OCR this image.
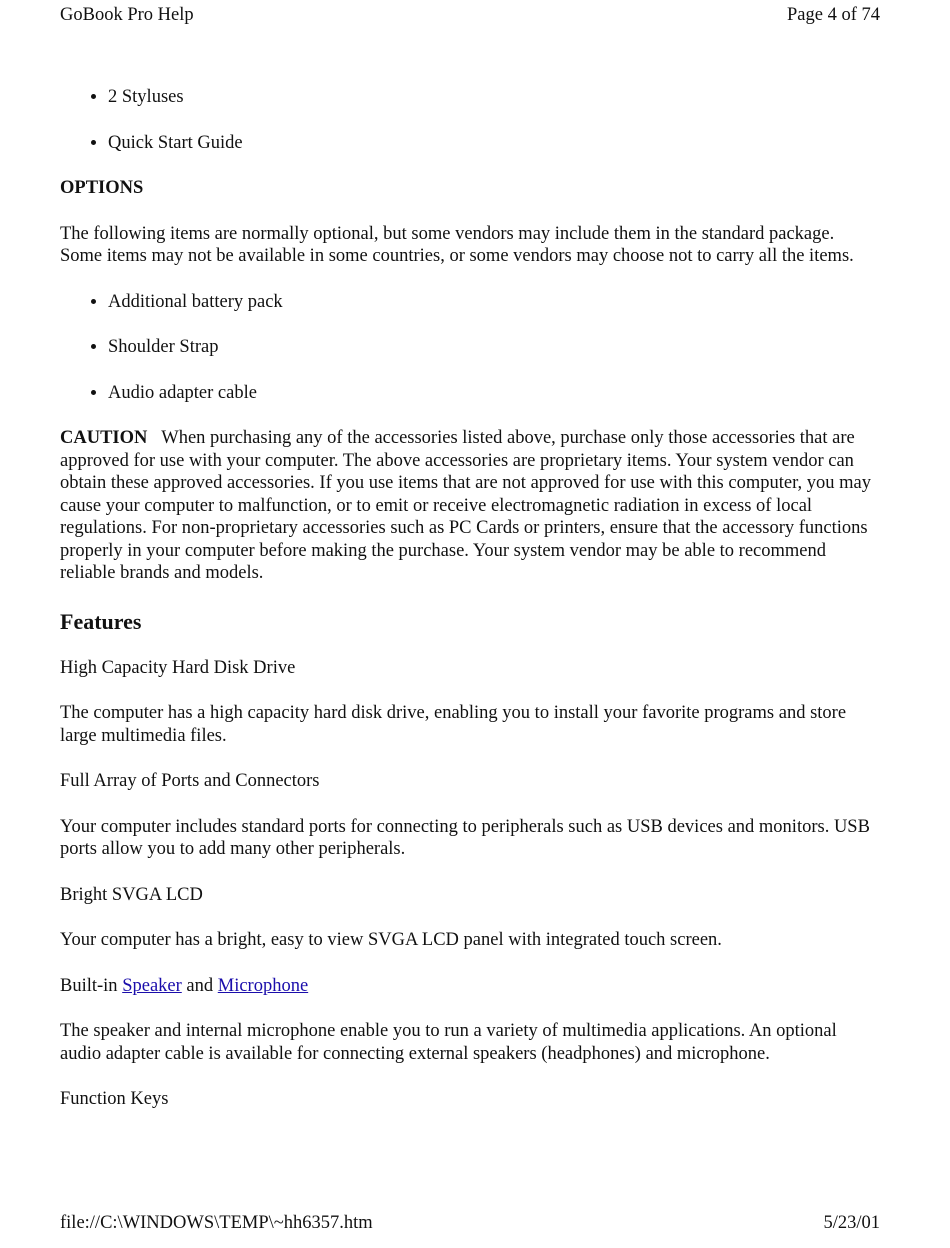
GoBook Pro Help	Page 4 of 74
• 2 Styluses
• Quick Start Guide

OPTIONS

The following items are normally optional, but some vendors may include them in the standard package. Some items may not be available in some countries, or some vendors may choose not to carry all the items.

• Additional battery pack
• Shoulder Strap
• Audio adapter cable

CAUTION When purchasing any of the accessories listed above, purchase only those accessories that are approved for use with your computer. The above accessories are proprietary items. Your system vendor can obtain these approved accessories. If you use items that are not approved for use with this computer, you may cause your computer to malfunction, or to emit or receive electromagnetic radiation in excess of local regulations. For non-proprietary accessories such as PC Cards or printers, ensure that the accessory functions properly in your computer before making the purchase. Your system vendor may be able to recommend reliable brands and models.

Features

High Capacity Hard Disk Drive

The computer has a high capacity hard disk drive, enabling you to install your favorite programs and store large multimedia files.

Full Array of Ports and Connectors

Your computer includes standard ports for connecting to peripherals such as USB devices and monitors. USB ports allow you to add many other peripherals.

Bright SVGA LCD

Your computer has a bright, easy to view SVGA LCD panel with integrated touch screen.

Built-in Speaker and Microphone

The speaker and internal microphone enable you to run a variety of multimedia applications. An optional audio adapter cable is available for connecting external speakers (headphones) and microphone.

Function Keys

file://C:\WINDOWS\TEMP\~hh6357.htm	5/23/01
